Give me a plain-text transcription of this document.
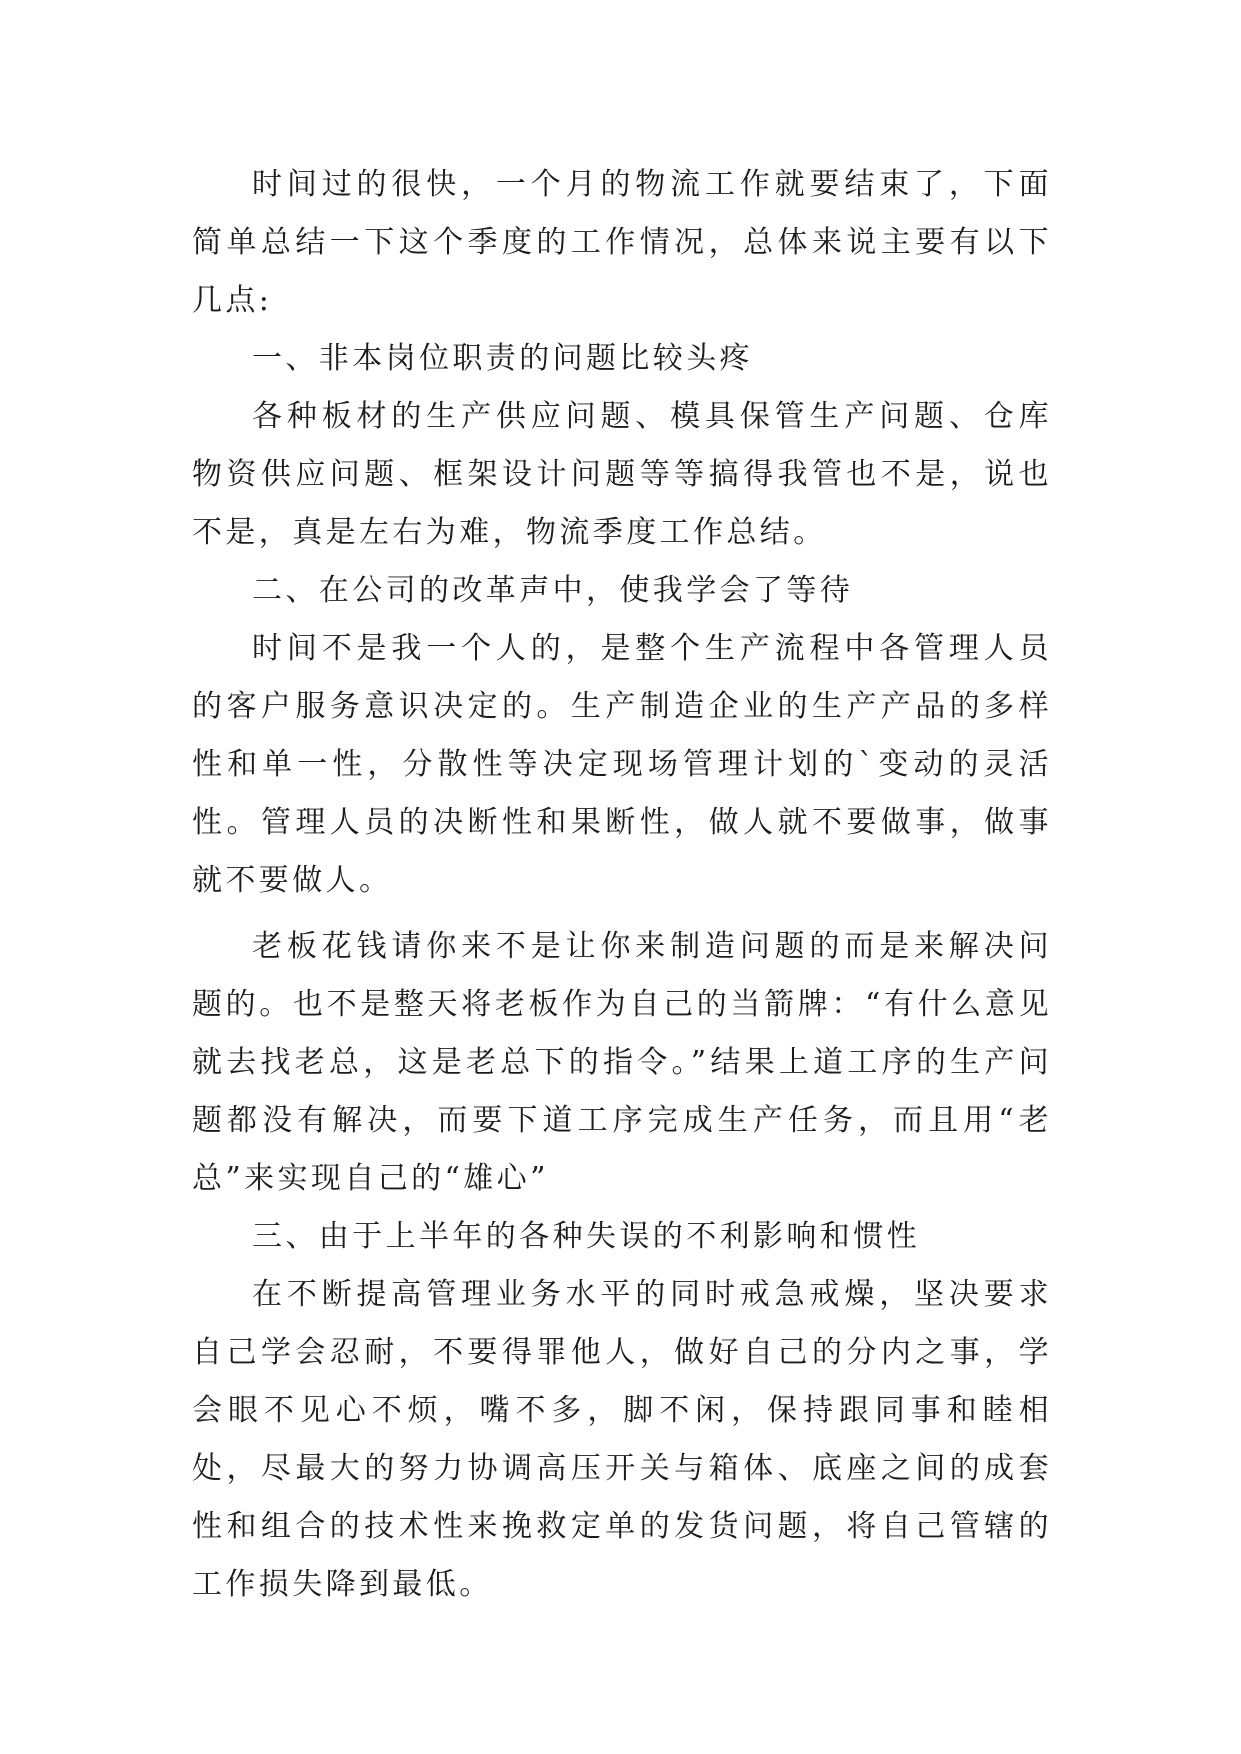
时间过的很快，一个月的物流工作就要结束了，下面简单总结一下这个季度的工作情况，总体来说主要有以下几点:

一、非本岗位职责的问题比较头疼

各种板材的生产供应问题、模具保管生产问题、仓库物资供应问题、框架设计问题等等搞得我管也不是，说也不是，真是左右为难，物流季度工作总结。

二、在公司的改革声中，使我学会了等待

时间不是我一个人的，是整个生产流程中各管理人员的客户服务意识决定的。生产制造企业的生产产品的多样性和单一性，分散性等决定现场管理计划的`变动的灵活性。管理人员的决断性和果断性，做人就不要做事，做事就不要做人。

老板花钱请你来不是让你来制造问题的而是来解决问题的。也不是整天将老板作为自己的当箭牌：“有什么意见就去找老总，这是老总下的指令。”结果上道工序的生产问题都没有解决，而要下道工序完成生产任务，而且用“老总”来实现自己的“雄心”

三、由于上半年的各种失误的不利影响和惯性

在不断提高管理业务水平的同时戒急戒燥，坚决要求自己学会忍耐，不要得罪他人，做好自己的分内之事，学会眼不见心不烦，嘴不多，脚不闲，保持跟同事和睦相处，尽最大的努力协调高压开关与箱体、底座之间的成套性和组合的技术性来挽救定单的发货问题，将自己管辖的工作损失降到最低。
